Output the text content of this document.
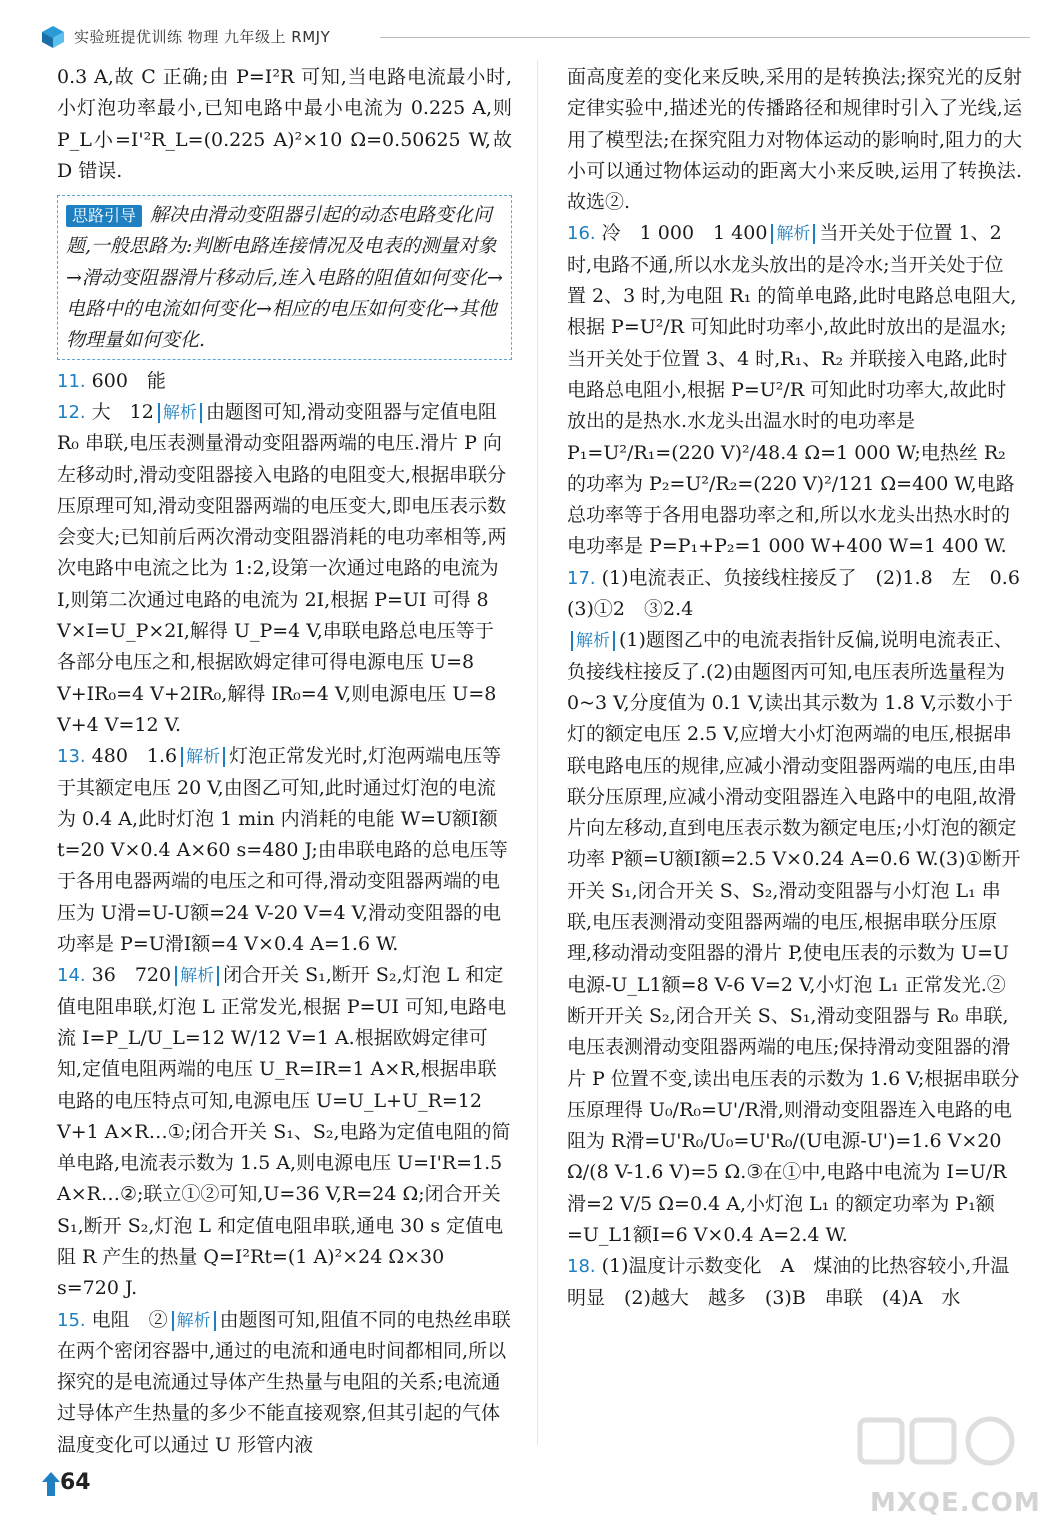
实验班提优训练 物理 九年级上 RMJY

0.3 A,故 C 正确;由 P=I²R 可知,当电路电流最小时,小灯泡功率最小,已知电路中最小电流为 0.225 A,则 P_L小=I'²R_L=(0.225 A)²×10 Ω=0.50625 W,故 D 错误.

思路引导 解决由滑动变阻器引起的动态电路变化问题,一般思路为:判断电路连接情况及电表的测量对象→滑动变阻器滑片移动后,连入电路的阻值如何变化→电路中的电流如何变化→相应的电压如何变化→其他物理量如何变化.

11. 600　能

12. 大　12 解析 由题图可知,滑动变阻器与定值电阻 R₀ 串联,电压表测量滑动变阻器两端的电压.滑片 P 向左移动时,滑动变阻器接入电路的电阻变大,根据串联分压原理可知,滑动变阻器两端的电压变大,即电压表示数会变大;已知前后两次滑动变阻器消耗的电功率相等,两次电路中电流之比为 1:2,设第一次通过电路的电流为 I,则第二次通过电路的电流为 2I,根据 P=UI 可得 8 V×I=U_P×2I,解得 U_P=4 V,串联电路总电压等于各部分电压之和,根据欧姆定律可得电源电压 U=8 V+IR₀=4 V+2IR₀,解得 IR₀=4 V,则电源电压 U=8 V+4 V=12 V.

13. 480　1.6 解析 灯泡正常发光时,灯泡两端电压等于其额定电压 20 V,由图乙可知,此时通过灯泡的电流为 0.4 A,此时灯泡 1 min 内消耗的电能 W=U额I额t=20 V×0.4 A×60 s=480 J;由串联电路的总电压等于各用电器两端的电压之和可得,滑动变阻器两端的电压为 U滑=U-U额=24 V-20 V=4 V,滑动变阻器的电功率是 P=U滑I额=4 V×0.4 A=1.6 W.

14. 36　720 解析 闭合开关 S₁,断开 S₂,灯泡 L 和定值电阻串联,灯泡 L 正常发光,根据 P=UI 可知,电路电流 I=P_L/U_L=12 W/12 V=1 A.根据欧姆定律可知,定值电阻两端的电压 U_R=IR=1 A×R,根据串联电路的电压特点可知,电源电压 U=U_L+U_R=12 V+1 A×R…①;闭合开关 S₁、S₂,电路为定值电阻的简单电路,电流表示数为 1.5 A,则电源电压 U=I'R=1.5 A×R…②;联立①②可知,U=36 V,R=24 Ω;闭合开关 S₁,断开 S₂,灯泡 L 和定值电阻串联,通电 30 s 定值电阻 R 产生的热量 Q=I²Rt=(1 A)²×24 Ω×30 s=720 J.

15. 电阻　② 解析 由题图可知,阻值不同的电热丝串联在两个密闭容器中,通过的电流和通电时间都相同,所以探究的是电流通过导体产生热量与电阻的关系;电流通过导体产生热量的多少不能直接观察,但其引起的气体温度变化可以通过 U 形管内液

面高度差的变化来反映,采用的是转换法;探究光的反射定律实验中,描述光的传播路径和规律时引入了光线,运用了模型法;在探究阻力对物体运动的影响时,阻力的大小可以通过物体运动的距离大小来反映,运用了转换法.故选②.

16. 冷　1 000　1 400 解析 当开关处于位置 1、2 时,电路不通,所以水龙头放出的是冷水;当开关处于位置 2、3 时,为电阻 R₁ 的简单电路,此时电路总电阻大,根据 P=U²/R 可知此时功率小,故此时放出的是温水;当开关处于位置 3、4 时,R₁、R₂ 并联接入电路,此时电路总电阻小,根据 P=U²/R 可知此时功率大,故此时放出的是热水.水龙头出温水时的电功率是 P₁=U²/R₁=(220 V)²/48.4 Ω=1 000 W;电热丝 R₂ 的功率为 P₂=U²/R₂=(220 V)²/121 Ω=400 W,电路总功率等于各用电器功率之和,所以水龙头出热水时的电功率是 P=P₁+P₂=1 000 W+400 W=1 400 W.

17. (1)电流表正、负接线柱接反了　(2)1.8　左　0.6　(3)①2　③2.4

解析 (1)题图乙中的电流表指针反偏,说明电流表正、负接线柱接反了.(2)由题图丙可知,电压表所选量程为 0~3 V,分度值为 0.1 V,读出其示数为 1.8 V,示数小于灯的额定电压 2.5 V,应增大小灯泡两端的电压,根据串联电路电压的规律,应减小滑动变阻器两端的电压,由串联分压原理,应减小滑动变阻器连入电路中的电阻,故滑片向左移动,直到电压表示数为额定电压;小灯泡的额定功率 P额=U额I额=2.5 V×0.24 A=0.6 W.(3)①断开开关 S₁,闭合开关 S、S₂,滑动变阻器与小灯泡 L₁ 串联,电压表测滑动变阻器两端的电压,根据串联分压原理,移动滑动变阻器的滑片 P,使电压表的示数为 U=U电源-U_L1额=8 V-6 V=2 V,小灯泡 L₁ 正常发光.②断开开关 S₂,闭合开关 S、S₁,滑动变阻器与 R₀ 串联,电压表测滑动变阻器两端的电压;保持滑动变阻器的滑片 P 位置不变,读出电压表的示数为 1.6 V;根据串联分压原理得 U₀/R₀=U'/R滑,则滑动变阻器连入电路的电阻为 R滑=U'R₀/U₀=U'R₀/(U电源-U')=1.6 V×20 Ω/(8 V-1.6 V)=5 Ω.③在①中,电路中电流为 I=U/R滑=2 V/5 Ω=0.4 A,小灯泡 L₁ 的额定功率为 P₁额=U_L1额I=6 V×0.4 A=2.4 W.

18. (1)温度计示数变化　A　煤油的比热容较小,升温明显　(2)越大　越多　(3)B　串联　(4)A　水

64
MXQE.COM
